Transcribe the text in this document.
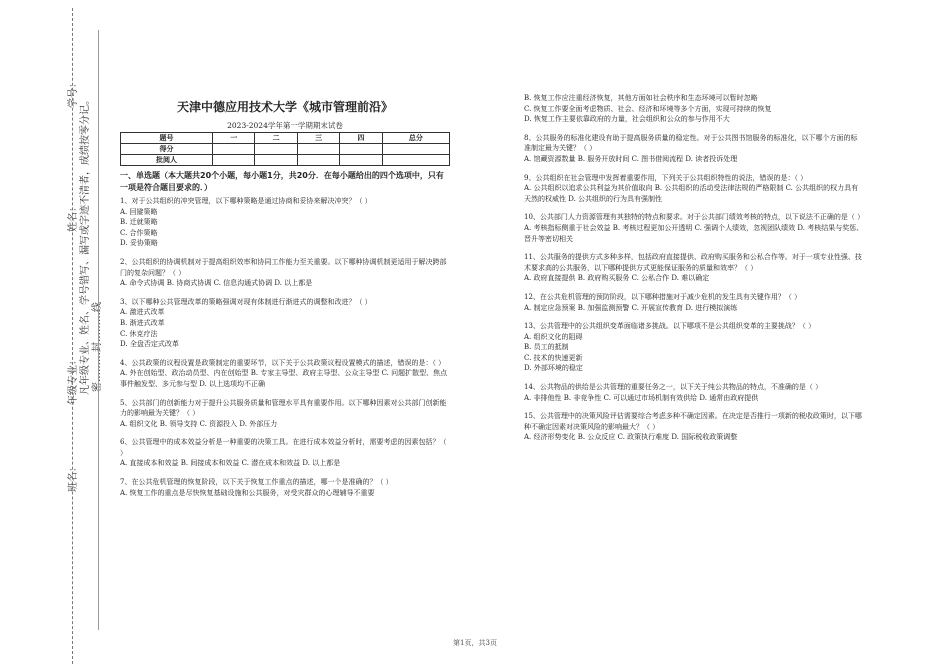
学号：
姓名： 凡年级专业、姓名、学号错写、漏写或字迹不清者，成绩按零分记。 密………封………线
年级专业：
班名：
天津中德应用技术大学《城市管理前沿》
2023-2024学年第一学期期末试卷
题号	一	二	三	四	总分
得分					
批阅人					
一、单选题（本大题共20个小题，每小题1分，共20分．在每小题给出的四个选项中，只有一项是符合题目要求的．）
1、对于公共组织的冲突管理，以下哪种策略是通过协商和妥协来解决冲突？（ ）
A. 回避策略
B. 迁就策略
C. 合作策略
D. 妥协策略
2、公共组织的协调机制对于提高组织效率和协同工作能力至关重要。以下哪种协调机制更适用于解决跨部门的复杂问题？（ ）
A. 命令式协调 B. 协商式协调 C. 信息沟通式协调 D. 以上都是
3、以下哪种公共管理改革的策略强调对现有体制进行渐进式的调整和改进？（ ）
A. 激进式改革
B. 渐进式改革
C. 休克疗法
D. 全盘否定式改革
4、公共政策的议程设置是政策制定的重要环节，以下关于公共政策议程设置模式的描述，错误的是：（ ）
A. 外在创始型、政治动员型、内在创始型 B. 专家主导型、政府主导型、公众主导型 C. 问题扩散型、焦点事件触发型、多元参与型 D. 以上选项均不正确
5、公共部门的创新能力对于提升公共服务质量和管理水平具有重要作用。以下哪种因素对公共部门创新能力的影响最为关键？（ ）
A. 组织文化 B. 领导支持 C. 资源投入 D. 外部压力
6、公共管理中的成本效益分析是一种重要的决策工具。在进行成本效益分析时，需要考虑的因素包括？（ ）
A. 直接成本和效益 B. 间接成本和效益 C. 潜在成本和效益 D. 以上都是
7、在公共危机管理的恢复阶段，以下关于恢复工作重点的描述，哪一个是准确的？（ ）
A. 恢复工作的重点是尽快恢复基础设施和公共服务，对受灾群众的心理辅导不重要
B. 恢复工作应注重经济恢复，其他方面如社会秩序和生态环境可以暂时忽略
C. 恢复工作要全面考虑物质、社会、经济和环境等多个方面，实现可持续的恢复
D. 恢复工作主要依靠政府的力量，社会组织和公众的参与作用不大
8、公共服务的标准化建设有助于提高服务质量的稳定性。对于公共图书馆服务的标准化，以下哪个方面的标准制定最为关键？（ ）
A. 馆藏资源数量 B. 服务开放时间 C. 图书借阅流程 D. 读者投诉处理
9、公共组织在社会管理中发挥着重要作用，下列关于公共组织特性的说法，错误的是：（ ）
A. 公共组织以追求公共利益为其价值取向 B. 公共组织的活动受法律法规的严格限制 C. 公共组织的权力具有天然的权威性 D. 公共组织的行为具有强制性
10、公共部门人力资源管理有其独特的特点和要求。对于公共部门绩效考核的特点，以下说法不正确的是（ ）
A. 考核指标侧重于社会效益 B. 考核过程更加公开透明 C. 强调个人绩效，忽视团队绩效 D. 考核结果与奖惩、晋升等密切相关
11、公共服务的提供方式多种多样，包括政府直接提供、政府购买服务和公私合作等。对于一项专业性强、技术要求高的公共服务，以下哪种提供方式更能保证服务的质量和效率？（ ）
A. 政府直接提供 B. 政府购买服务 C. 公私合作 D. 难以确定
12、在公共危机管理的预防阶段，以下哪种措施对于减少危机的发生具有关键作用？（ ）
A. 制定应急预案 B. 加强监测预警 C. 开展宣传教育 D. 进行模拟演练
13、公共管理中的公共组织变革面临诸多挑战。以下哪项不是公共组织变革的主要挑战？（ ）
A. 组织文化的阻碍
B. 员工的抵制
C. 技术的快速更新
D. 外部环境的稳定
14、公共物品的供给是公共管理的重要任务之一，以下关于纯公共物品的特点，不准确的是（ ）
A. 非排他性 B. 非竞争性 C. 可以通过市场机制有效供给 D. 通常由政府提供
15、公共管理中的决策风险评估需要综合考虑多种不确定因素。在决定是否推行一项新的税收政策时，以下哪种不确定因素对决策风险的影响最大？（ ）
A. 经济形势变化 B. 公众反应 C. 政策执行难度 D. 国际税收政策调整
第1页，共3页
